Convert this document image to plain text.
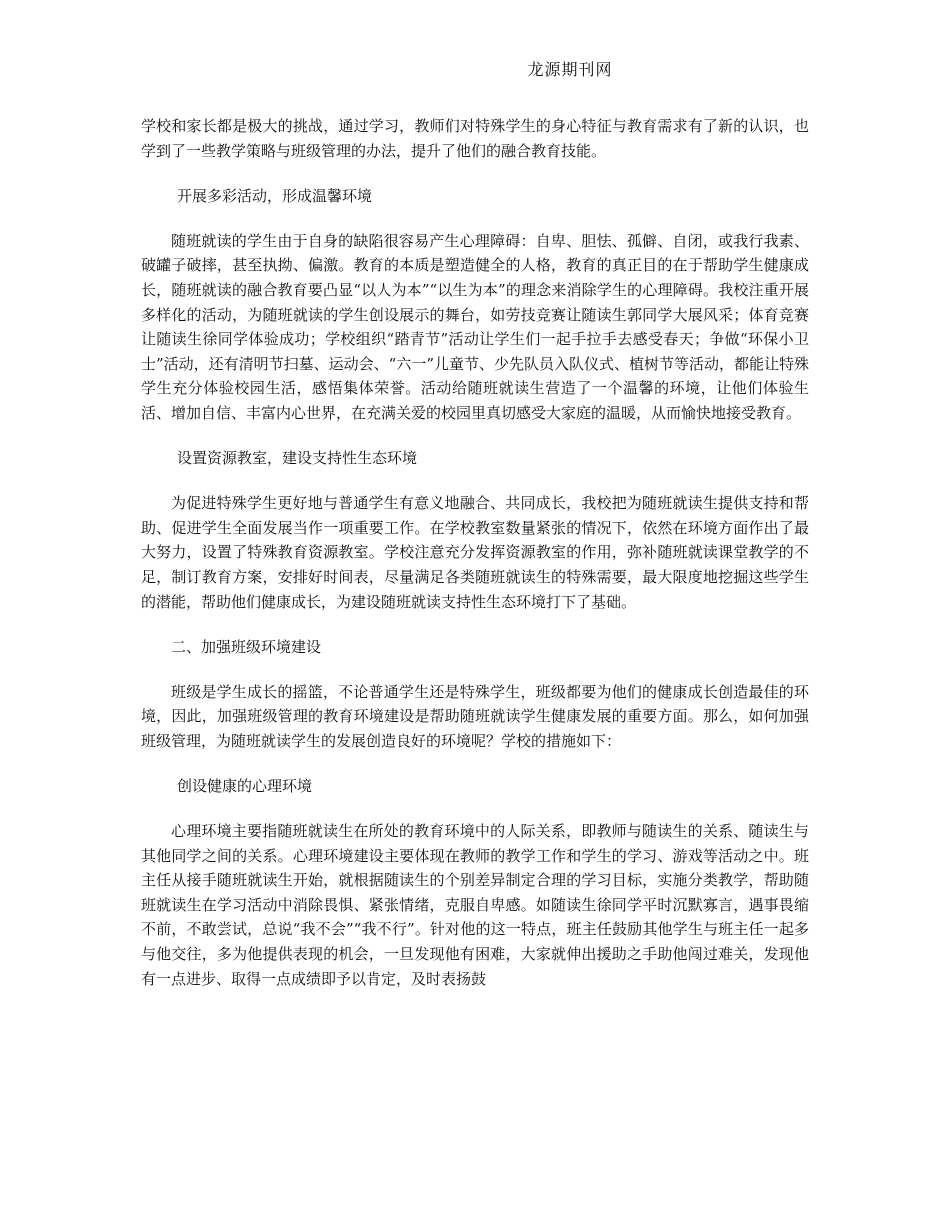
龙源期刊网

学校和家长都是极大的挑战，通过学习，教师们对特殊学生的身心特征与教育需求有了新的认识，也学到了一些教学策略与班级管理的办法，提升了他们的融合教育技能。

开展多彩活动，形成温馨环境

随班就读的学生由于自身的缺陷很容易产生心理障碍：自卑、胆怯、孤僻、自闭，或我行我素、破罐子破摔，甚至执拗、偏激。教育的本质是塑造健全的人格，教育的真正目的在于帮助学生健康成长，随班就读的融合教育要凸显“以人为本”“以生为本”的理念来消除学生的心理障碍。我校注重开展多样化的活动，为随班就读的学生创设展示的舞台，如劳技竞赛让随读生郭同学大展风采；体育竞赛让随读生徐同学体验成功；学校组织“踏青节”活动让学生们一起手拉手去感受春天；争做“环保小卫士”活动，还有清明节扫墓、运动会、“六一”儿童节、少先队员入队仪式、植树节等活动，都能让特殊学生充分体验校园生活，感悟集体荣誉。活动给随班就读生营造了一个温馨的环境，让他们体验生活、增加自信、丰富内心世界，在充满关爱的校园里真切感受大家庭的温暖，从而愉快地接受教育。

设置资源教室，建设支持性生态环境

为促进特殊学生更好地与普通学生有意义地融合、共同成长，我校把为随班就读生提供支持和帮助、促进学生全面发展当作一项重要工作。在学校教室数量紧张的情况下，依然在环境方面作出了最大努力，设置了特殊教育资源教室。学校注意充分发挥资源教室的作用，弥补随班就读课堂教学的不足，制订教育方案，安排好时间表，尽量满足各类随班就读生的特殊需要，最大限度地挖掘这些学生的潜能，帮助他们健康成长，为建设随班就读支持性生态环境打下了基础。

二、加强班级环境建设

班级是学生成长的摇篮，不论普通学生还是特殊学生，班级都要为他们的健康成长创造最佳的环境，因此，加强班级管理的教育环境建设是帮助随班就读学生健康发展的重要方面。那么，如何加强班级管理，为随班就读学生的发展创造良好的环境呢？学校的措施如下：

创设健康的心理环境

心理环境主要指随班就读生在所处的教育环境中的人际关系，即教师与随读生的关系、随读生与其他同学之间的关系。心理环境建设主要体现在教师的教学工作和学生的学习、游戏等活动之中。班主任从接手随班就读生开始，就根据随读生的个别差异制定合理的学习目标，实施分类教学，帮助随班就读生在学习活动中消除畏惧、紧张情绪，克服自卑感。如随读生徐同学平时沉默寡言，遇事畏缩不前，不敢尝试，总说“我不会”“我不行”。针对他的这一特点，班主任鼓励其他学生与班主任一起多与他交往，多为他提供表现的机会，一旦发现他有困难，大家就伸出援助之手助他闯过难关，发现他有一点进步、取得一点成绩即予以肯定，及时表扬鼓
